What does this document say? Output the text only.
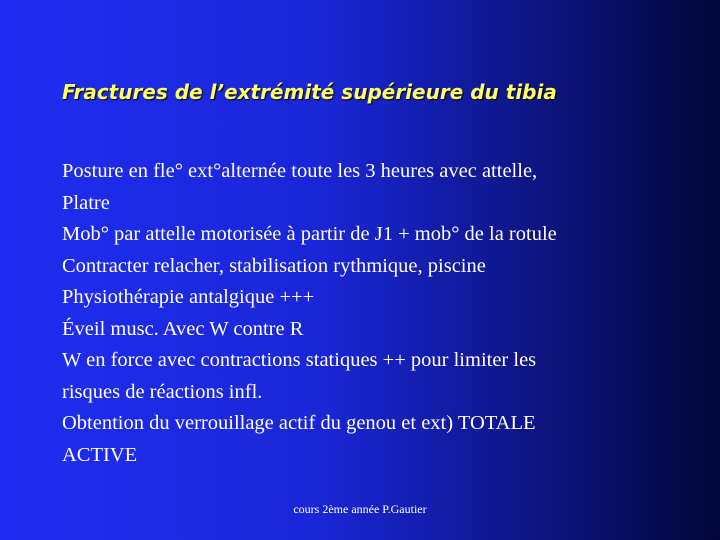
Fractures de l’extrémité supérieure du tibia
Posture en fle° ext°alternée toute les 3 heures avec attelle,
Platre
Mob° par attelle motorisée à partir de J1 + mob° de la rotule
Contracter relacher, stabilisation rythmique, piscine
Physiothérapie antalgique +++
Éveil musc. Avec W contre R
W en force avec contractions statiques ++ pour limiter les
risques de réactions infl.
Obtention du verrouillage actif du genou et ext) TOTALE
ACTIVE
cours 2ème année P.Gautier
